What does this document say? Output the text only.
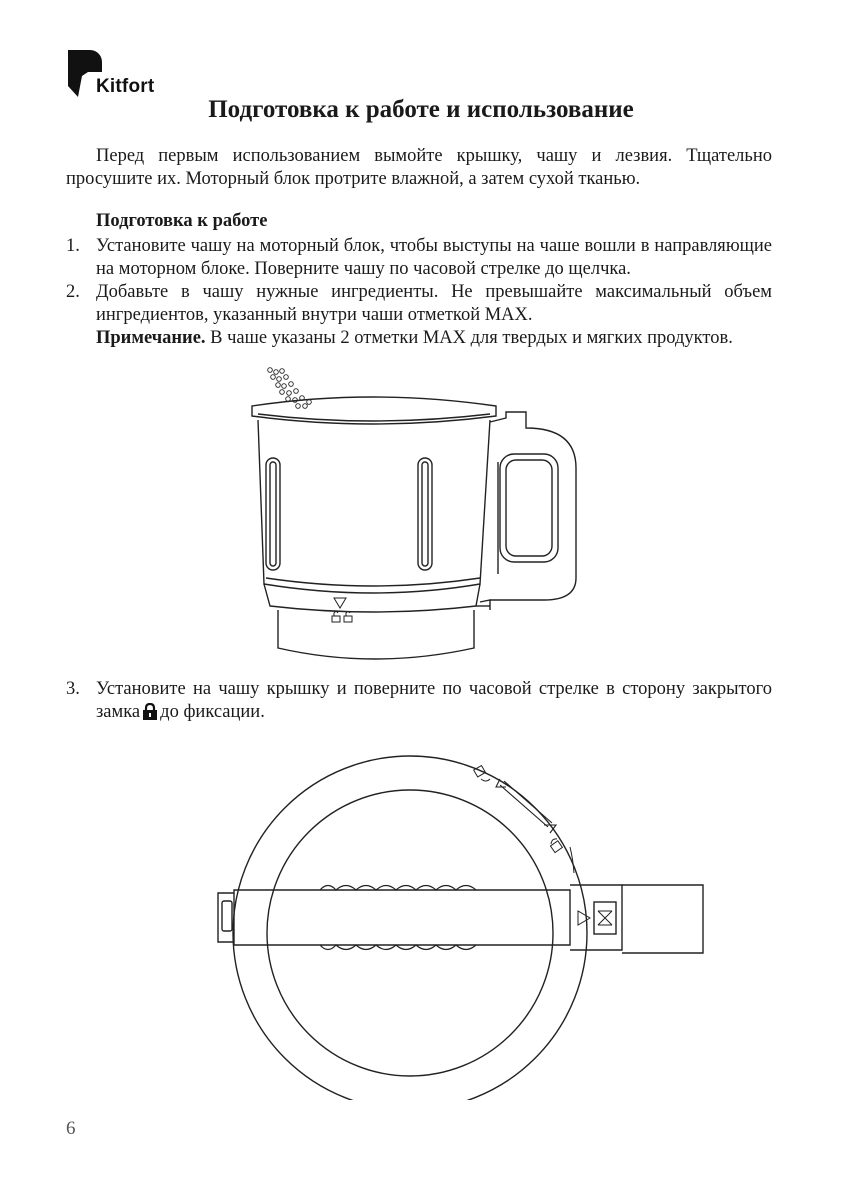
Kitfort
Подготовка к работе и использование

Перед первым использованием вымойте крышку, чашу и лезвия. Тщательно просушите их. Моторный блок протрите влажной, а затем сухой тканью.

Подготовка к работе

1. Установите чашу на моторный блок, чтобы выступы на чаше вошли в направляющие на моторном блоке. Поверните чашу по часовой стрелке до щелчка.

2. Добавьте в чашу нужные ингредиенты. Не превышайте максимальный объем ингредиентов, указанный внутри чаши отметкой MAX.

Примечание. В чаше указаны 2 отметки MAX для твердых и мягких продуктов.

3. Установите на чашу крышку и поверните по часовой стрелке в сторону закрытого замка до фиксации.

6
